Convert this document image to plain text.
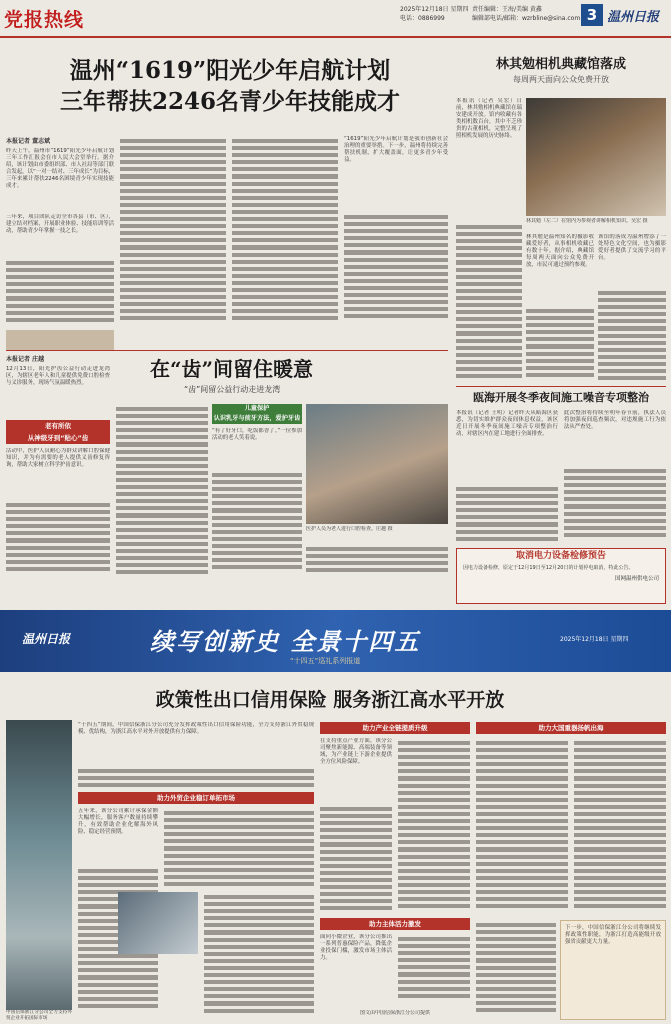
党报热线	2025年12月18日 星期四
电话：0886999
责任编辑：王海/美编 黄鑫
编辑部电话/邮箱：wzrbline@sina.com 3 温州日报
温州“1619”阳光少年启航计划
三年帮扶2246名青少年技能成才
本报记者 董志斌
昨天上午，温州市“1619”阳光少年启航计划三年工作汇报会在市人民大会堂举行。据介绍，该计划由市委组织部、市人社局等部门联合发起，以“一对一结对、三年成长”为目标，三年来累计帮扶2246名困境青少年实现技能成才。
三年来，项目团队走访全市各县（市、区），建立结对档案，开展职业体验、技能培训等活动，帮助青少年掌握一技之长。
“1619”阳光少年启航计划是我市创新社会治理的重要举措。下一步，温州将持续完善帮扶机制，扩大覆盖面，让更多青少年受益。
在“齿”间留住暖意
“齿”间留公益行动走进龙湾
本报记者 庄越
12月13日，阳光护齿公益行动走进龙湾区，为辖区老年人和儿童提供免费口腔检查与义诊服务，现场气氛温暖热烈。
老有所依
从神级牙到“贴心”齿
活动中，医护人员耐心为群众讲解口腔保健知识，并为有需要的老人提供义齿修复咨询，帮助大家树立科学护齿意识。
儿童保护
认识乳牙与前牙方法，爱护牙齿
“有了好牙口，吃饭都香了。”一位参加活动的老人笑着说。
医护人员为老人进行口腔检查。庄越 摄
林其勉相机典藏馆落成
每周两天面向公众免费开放
本报讯（记者 吴宏）日前，林其勉相机典藏馆在瑞安建成开放。馆内收藏有各类相机数百台，其中不乏珍贵的古董相机，完整呈现了照相机发展的历史脉络。
林其勉（左二）在馆内为参观者讲解相机知识。吴宏 摄
林其勉是温州知名的摄影收藏爱好者，从事相机收藏已有数十年。据介绍，典藏馆每周两天面向公众免费开放，市民可通过预约参观。
该馆的落成为温州增添了一处特色文化空间，也为摄影爱好者提供了交流学习的平台。
瓯海开展冬季夜间施工噪音专项整治
本报讯（记者 王明）记者昨天从瓯海区获悉，为切实维护群众夜间休息权益，该区近日开展冬季夜间施工噪音专项整治行动，对辖区内在建工地进行全面排查。
此次整治将持续至明年春节前，执法人员将加强夜间巡查频次，对违规施工行为依法从严查处。
取消电力设备检修预告
因电力设备检修，原定于12月19日至12月20日的计划停电取消，特此公告。
国网温州供电公司
温州日报	续写创新史 全景十四五
“十四五”巡礼系列报道
2025年12月18日 星期四
政策性出口信用保险 服务浙江高水平开放
中国信保浙江分公司全力支持外贸企业开拓国际市场
“十四五”期间，中国信保浙江分公司充分发挥政策性出口信用保险功能，全力支持浙江外贸稳规模、优结构，为浙江高水平对外开放提供有力保障。
助力外贸企业稳订单拓市场
五年来，该分公司累计承保金额大幅增长，服务客户数量持续攀升，有效帮助企业化解海外风险、稳定经营预期。
助力产业全链提质升级
在支持重点产业方面，该分公司聚焦新能源、高端装备等领域，为产业链上下游企业提供全方位风险保障。
助力主体活力激发
面向小微企业，该分公司推出一系列普惠保险产品，降低企业投保门槛，激发市场主体活力。
图文由中国信保浙江分公司提供
助力大国重器扬帆出海
下一步，中国信保浙江分公司将继续发挥政策性职能，为浙江打造高能级开放强省贡献更大力量。
